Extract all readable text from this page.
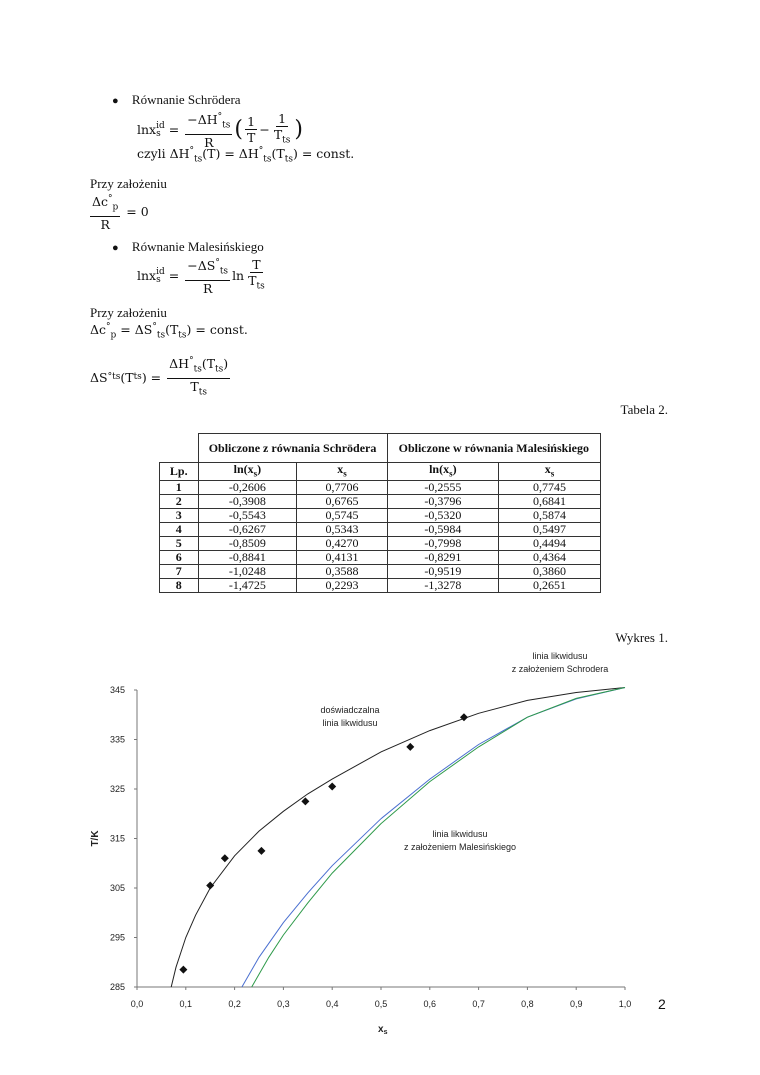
● Równanie Schrödera
lnx id
$s = \frac{-\Delta H^\circ_{ts}}{R}$ ( $\frac{1}{T} - \frac{1}{T_{ts}}$ )
czyli $\Delta H^\circ_{ts}(T) = \Delta H^\circ_{ts}(T_{ts})$ = const.
Przy założeniu
$\frac{\Delta c^\circ_p}{R} = 0$
● Równanie Malesińskiego
lnx id
$s = \frac{-\Delta S^\circ_{ts}}{R}$ $\ln \frac{T}{T_{ts}}$
Przy założeniu
$\Delta c^\circ_p = \Delta S^\circ_{ts}(T_{ts})$ = const.
ΔS ° ts (T ts ) = $\frac{\Delta H^\circ_{ts}(T_{ts})}{T_{ts}}$
Tabela 2.
	Obliczone z równania Schrödera		Obliczone w równania Malesińskiego	
Lp.	$\ln(x_s)$	$x_s$	$\ln(x_s)$	$x_s$
1	-0,2606	0,7706	-0,2555	0,7745
2	-0,3908	0,6765	-0,3796	0,6841
3	-0,5543	0,5745	-0,5320	0,5874
4	-0,6267	0,5343	-0,5984	0,5497
5	-0,8509	0,4270	-0,7998	0,4494
6	-0,8841	0,4131	-0,8291	0,4364
7	-1,0248	0,3588	-0,9519	0,3860
8	-1,4725	0,2293	-1,3278	0,2651
Wykres 1.
0,0	0,1	0,2	0,3	0,4	0,5	0,6	0,7	0,8	0,9	1,0
285
295
305
315
325
335
345
T/K
$x_s$
doświadczalna
linia likwidusu
linia likwidusu
z założeniem Schrodera
linia likwidusu
z założeniem Malesińskiego
2
